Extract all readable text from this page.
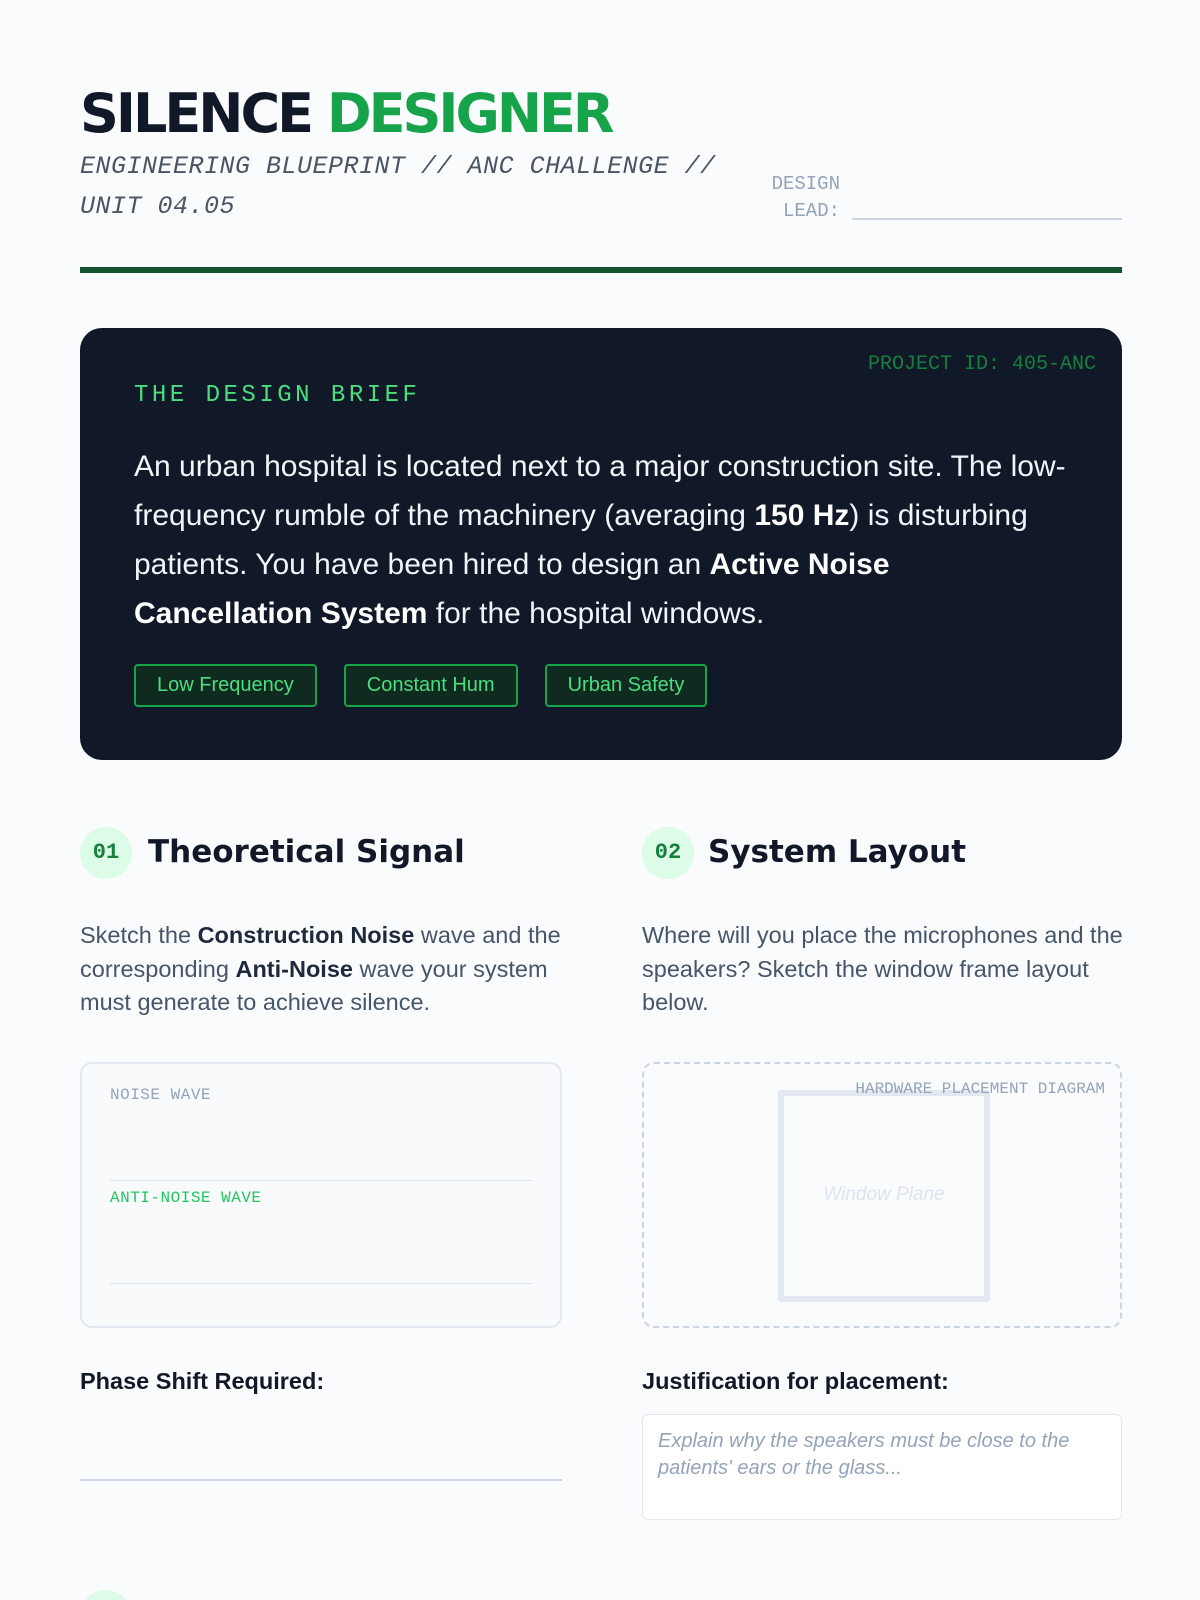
SILENCE DESIGNER
ENGINEERING BLUEPRINT // ANC CHALLENGE // UNIT 04.05
DESIGN LEAD:
PROJECT ID: 405-ANC
THE DESIGN BRIEF

An urban hospital is located next to a major construction site. The low-frequency rumble of the machinery (averaging 150 Hz) is disturbing patients. You have been hired to design an Active Noise Cancellation System for the hospital windows.

Low Frequency	Constant Hum	Urban Safety
01 Theoretical Signal

Sketch the Construction Noise wave and the corresponding Anti-Noise wave your system must generate to achieve silence.

NOISE WAVE
ANTI-NOISE WAVE
Phase Shift Required:
02 System Layout

Where will you place the microphones and the speakers? Sketch the window frame layout below.

Window Plane
HARDWARE PLACEMENT DIAGRAM
Justification for placement:
Explain why the speakers must be close to the patients' ears or the glass...
